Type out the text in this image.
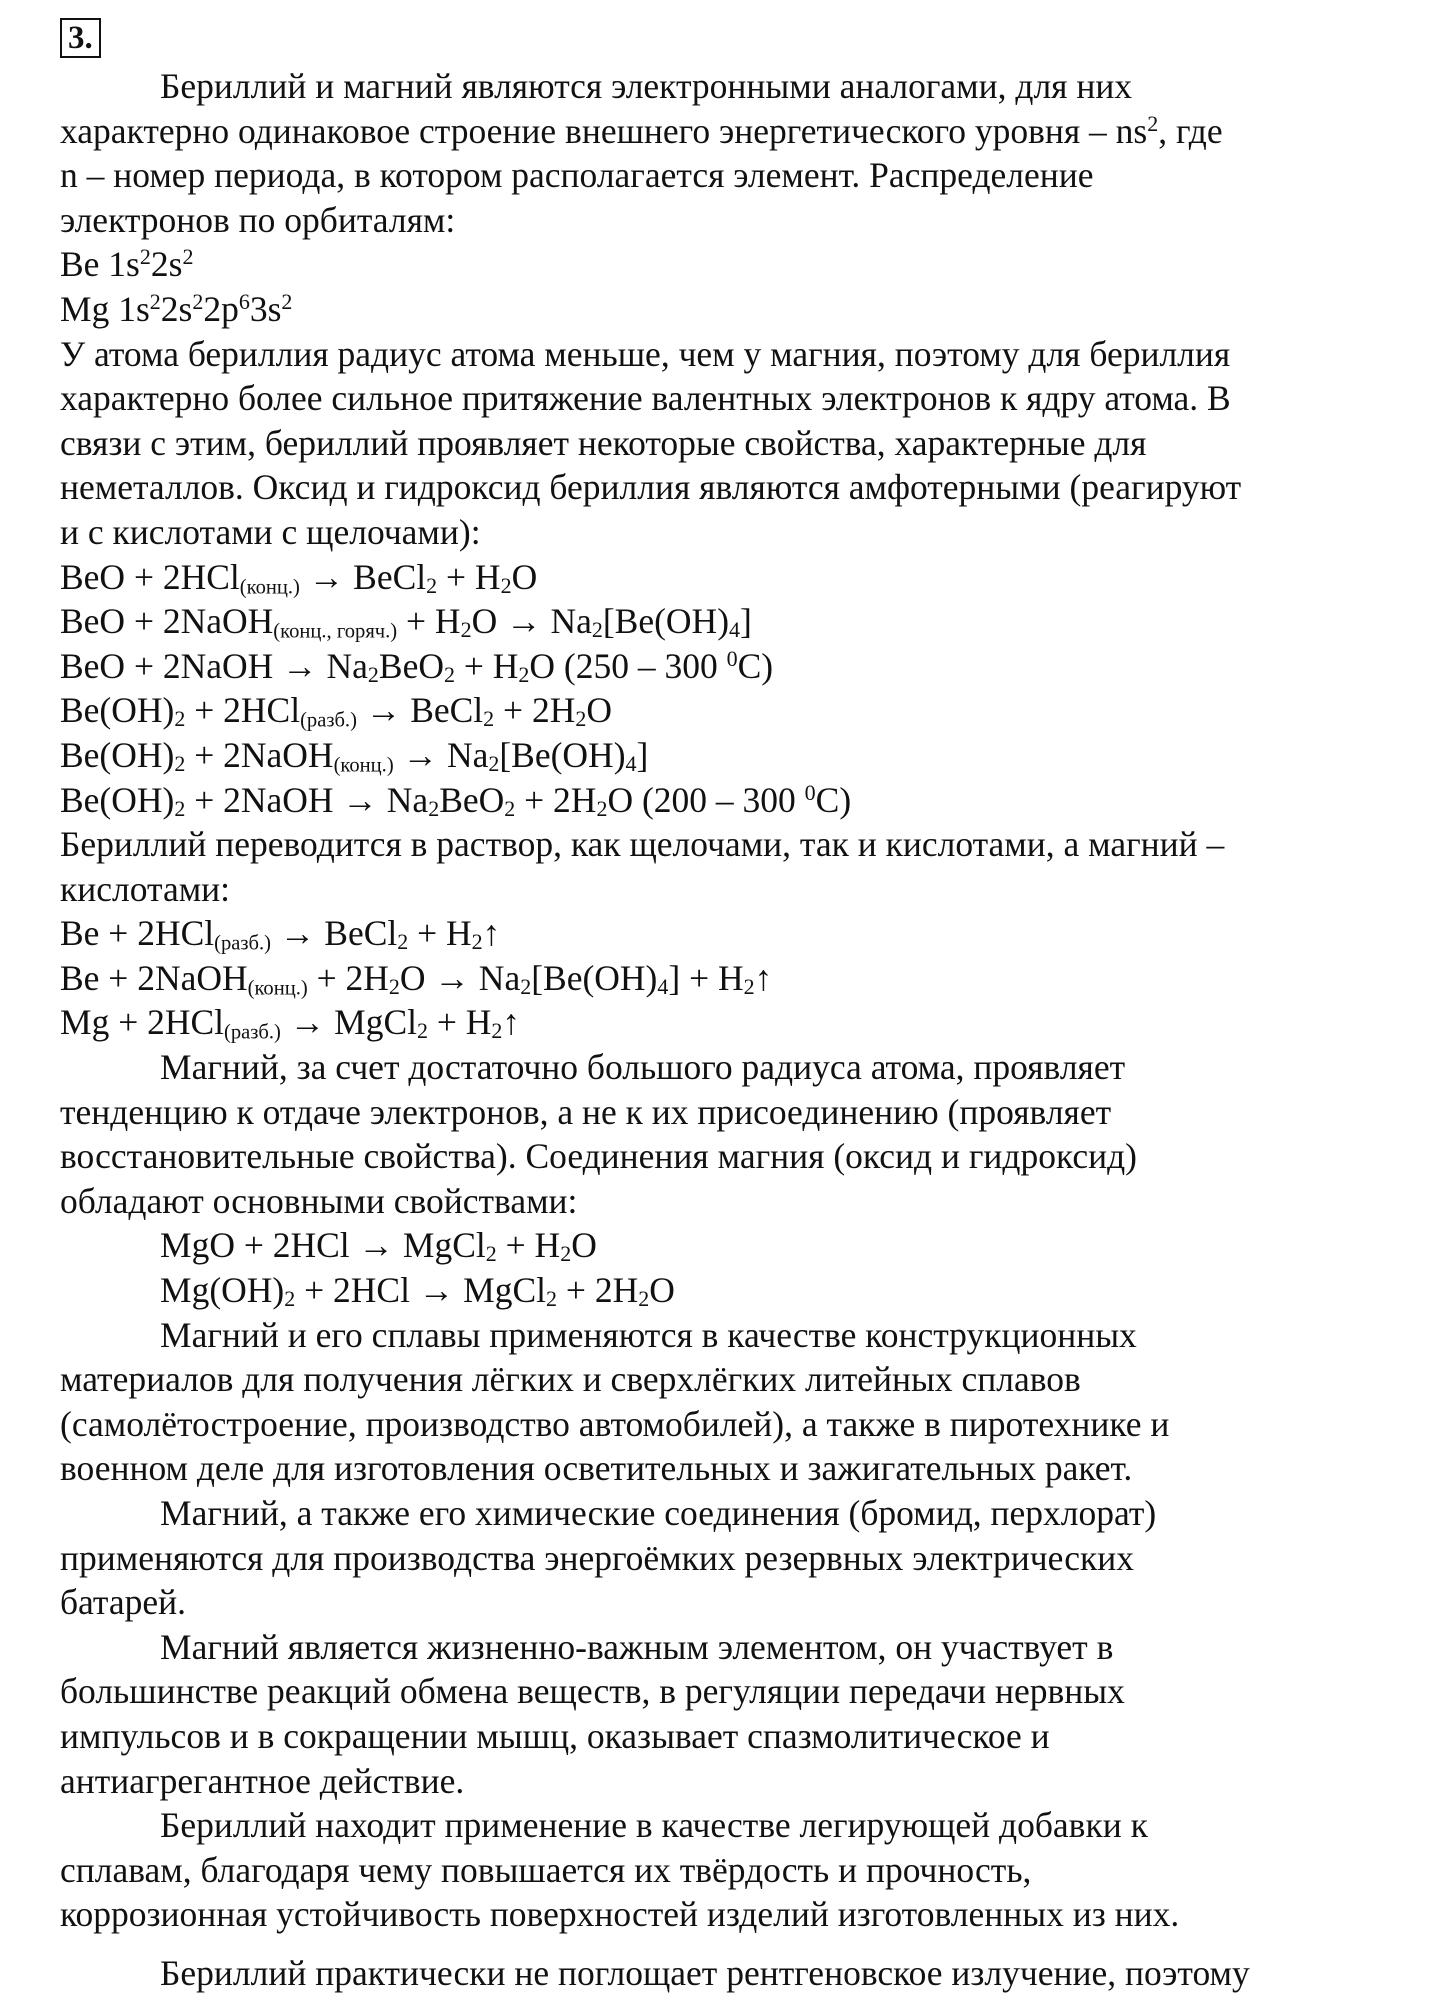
3.
Бериллий и магний являются электронными аналогами, для них
характерно одинаковое строение внешнего энергетического уровня – $ns^2$, где
n – номер периода, в котором располагается элемент. Распределение
электронов по орбиталям:
Be $1s^22s^2$
Mg $1s^22s^22p^63s^2$
У атома бериллия радиус атома меньше, чем у магния, поэтому для бериллия
характерно более сильное притяжение валентных электронов к ядру атома. В
связи с этим, бериллий проявляет некоторые свойства, характерные для
неметаллов. Оксид и гидроксид бериллия являются амфотерными (реагируют
и с кислотами с щелочами):
BeO + 2HCl$_{(конц.)}$ → BeCl$_2$ + $H_2O$
BeO + 2NaOH$_{(конц., горяч.)}$ + $H_2O \to Na_2[Be(OH)_4]$
BeO + 2NaOH → $Na_2BeO_2 + H_2O$ (250 – 300 $^0$C)
$Be(OH)_2 + 2HCl_{(разб.)}$ → BeCl$_2$ + $2H_2O$
$Be(OH)_2$ + 2NaOH$_{(конц.)}$ → $Na_2[Be(OH)_4]$
$Be(OH)_2$ + 2NaOH → $Na_2BeO_2 + 2H_2O$ (200 – 300 $^0$C)
Бериллий переводится в раствор, как щелочами, так и кислотами, а магний –
кислотами:
Be + 2HCl$_{(разб.)}$ → BeCl$_2$ + $H_2↑$
Be + 2NaOH$_{(конц.)}$ + $2H_2O \to Na_2[Be(OH)_4]$ + $H_2↑$
Mg + 2HCl$_{(разб.)}$ → MgCl$_2$ + $H_2↑$
Магний, за счет достаточно большого радиуса атома, проявляет
тенденцию к отдаче электронов, а не к их присоединению (проявляет
восстановительные свойства). Соединения магния (оксид и гидроксид)
обладают основными свойствами:
MgO + 2HCl → MgCl$_2$ + $H_2O$
$Mg(OH)_2 + 2HCl$ → MgCl$_2$ + $2H_2O$
Магний и его сплавы применяются в качестве конструкционных
материалов для получения лёгких и сверхлёгких литейных сплавов
(самолётостроение, производство автомобилей), а также в пиротехнике и
военном деле для изготовления осветительных и зажигательных ракет.
Магний, а также его химические соединения (бромид, перхлорат)
применяются для производства энергоёмких резервных электрических
батарей.
Магний является жизненно-важным элементом, он участвует в
большинстве реакций обмена веществ, в регуляции передачи нервных
импульсов и в сокращении мышц, оказывает спазмолитическое и
антиагрегантное действие.
Бериллий находит применение в качестве легирующей добавки к
сплавам, благодаря чему повышается их твёрдость и прочность,
коррозионная устойчивость поверхностей изделий изготовленных из них.
Бериллий практически не поглощает рентгеновское излучение, поэтому
